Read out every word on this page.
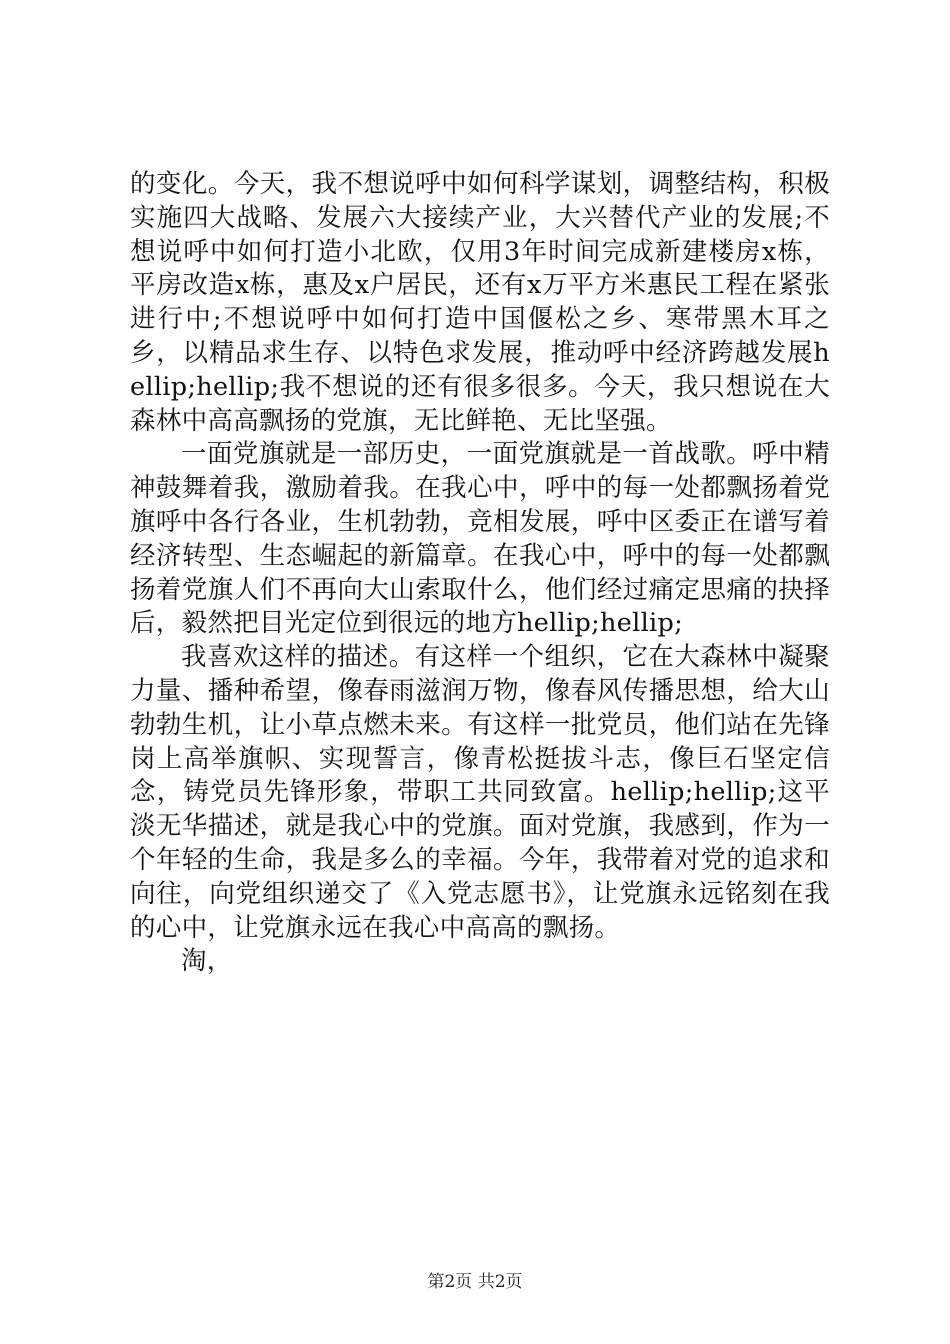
的变化。今天，我不想说呼中如何科学谋划，调整结构，积极实施四大战略、发展六大接续产业，大兴替代产业的发展;不想说呼中如何打造小北欧，仅用3年时间完成新建楼房x栋，平房改造x栋，惠及x户居民，还有x万平方米惠民工程在紧张进行中;不想说呼中如何打造中国偃松之乡、寒带黑木耳之乡，以精品求生存、以特色求发展，推动呼中经济跨越发展hellip;hellip;我不想说的还有很多很多。今天，我只想说在大森林中高高飘扬的党旗，无比鲜艳、无比坚强。

一面党旗就是一部历史，一面党旗就是一首战歌。呼中精神鼓舞着我，激励着我。在我心中，呼中的每一处都飘扬着党旗呼中各行各业，生机勃勃，竞相发展，呼中区委正在谱写着经济转型、生态崛起的新篇章。在我心中，呼中的每一处都飘扬着党旗人们不再向大山索取什么，他们经过痛定思痛的抉择后，毅然把目光定位到很远的地方hellip;hellip;

我喜欢这样的描述。有这样一个组织，它在大森林中凝聚力量、播种希望，像春雨滋润万物，像春风传播思想，给大山勃勃生机，让小草点燃未来。有这样一批党员，他们站在先锋岗上高举旗帜、实现誓言，像青松挺拔斗志，像巨石坚定信念，铸党员先锋形象，带职工共同致富。hellip;hellip;这平淡无华描述，就是我心中的党旗。面对党旗，我感到，作为一个年轻的生命，我是多么的幸福。今年，我带着对党的追求和向往，向党组织递交了《入党志愿书》，让党旗永远铭刻在我的心中，让党旗永远在我心中高高的飘扬。

淘，

第2页 共2页
